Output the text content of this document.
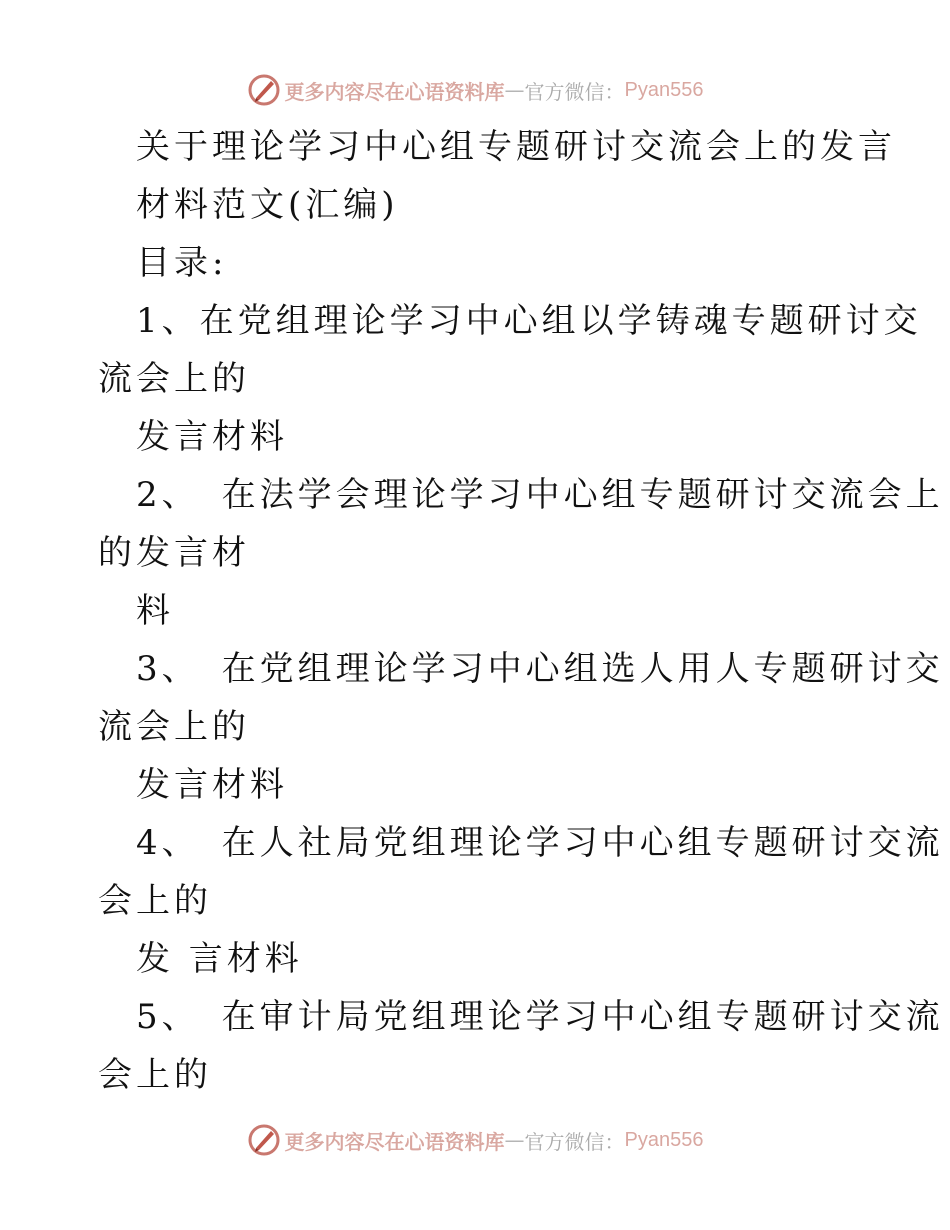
更多内容尽在心语资料库 — 官方微信： Pyan556
关于理论学习中心组专题研讨交流会上的发言
材料范文(汇编)
目录:
1、在党组理论学习中心组以学铸魂专题研讨交
流会上的
发言材料
2、 在法学会理论学习中心组专题研讨交流会上
的发言材
料
3、 在党组理论学习中心组选人用人专题研讨交
流会上的
发言材料
4、 在人社局党组理论学习中心组专题研讨交流
会上的
发 言材料
5、 在审计局党组理论学习中心组专题研讨交流
会上的
更多内容尽在心语资料库 — 官方微信： Pyan556
